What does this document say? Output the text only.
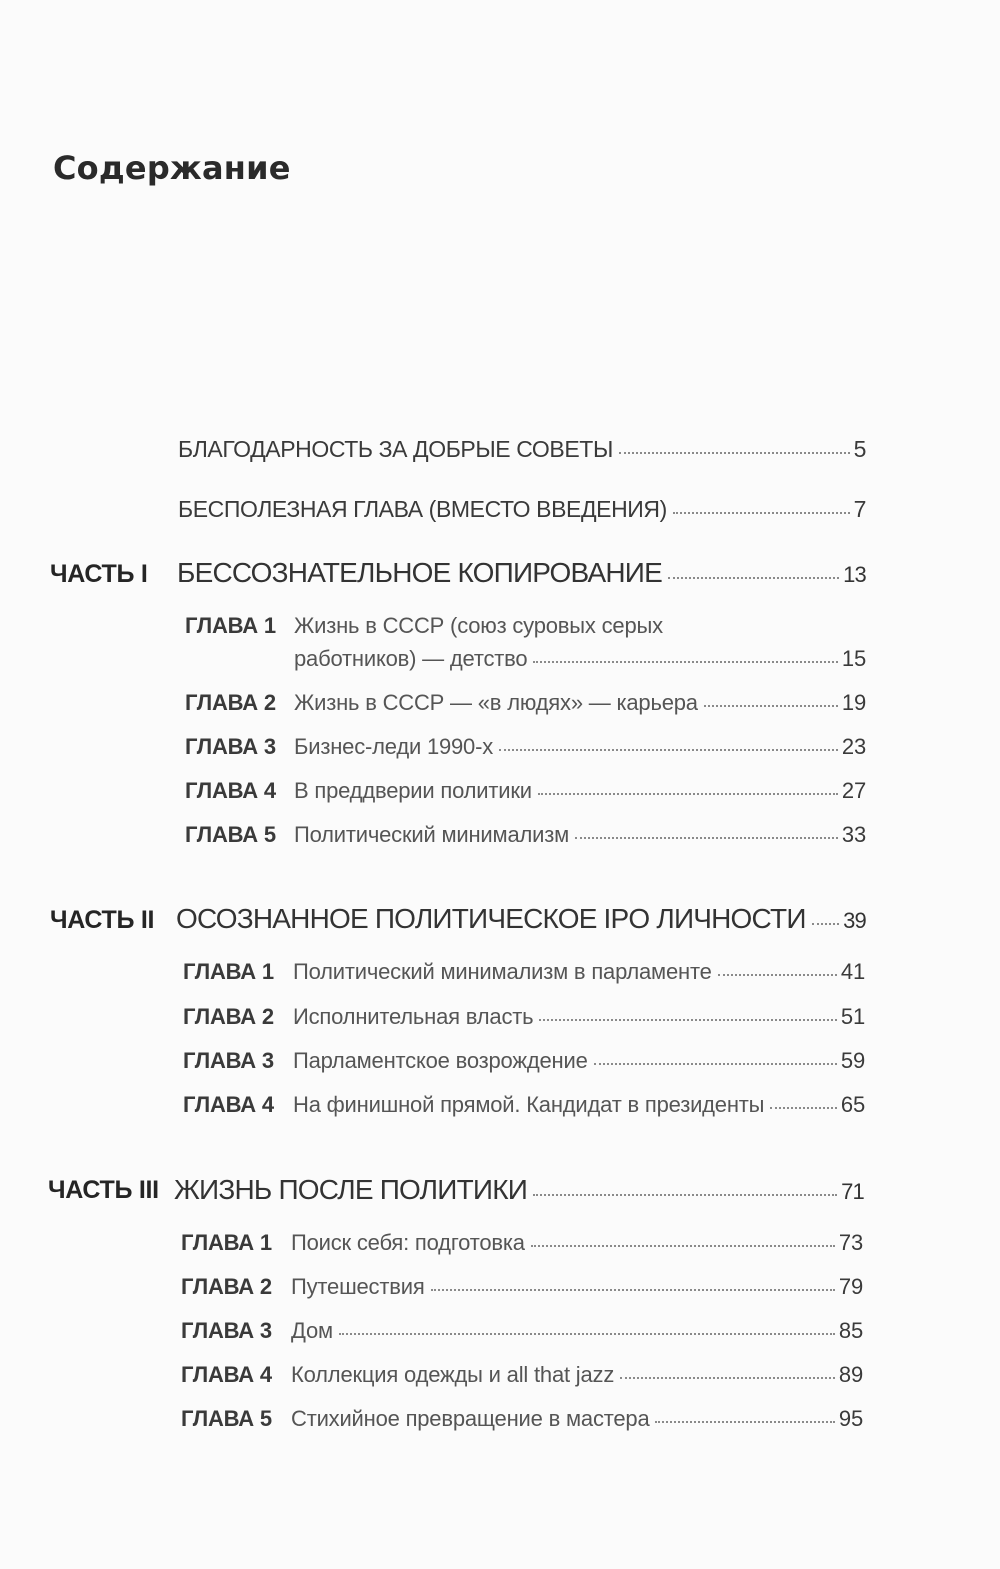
Содержание
БЛАГОДАРНОСТЬ ЗА ДОБРЫЕ СОВЕТЫ	5
БЕСПОЛЕЗНАЯ ГЛАВА (ВМЕСТО ВВЕДЕНИЯ)	7
ЧАСТЬ I БЕССОЗНАТЕЛЬНОЕ КОПИРОВАНИЕ	13
ГЛАВА 1 Жизнь в СССР (союз суровых серых
работников) — детство	15
ГЛАВА 2 Жизнь в СССР — «в людях» — карьера	19
ГЛАВА 3 Бизнес-леди 1990-х	23
ГЛАВА 4 В преддверии политики	27
ГЛАВА 5 Политический минимализм	33
ЧАСТЬ II ОСОЗНАННОЕ ПОЛИТИЧЕСКОЕ IPO ЛИЧНОСТИ 39
ГЛАВА 1 Политический минимализм в парламенте	41
ГЛАВА 2 Исполнительная власть	51
ГЛАВА 3 Парламентское возрождение	59
ГЛАВА 4 На финишной прямой. Кандидат в президенты	65
ЧАСТЬ III ЖИЗНЬ ПОСЛЕ ПОЛИТИКИ	71
ГЛАВА 1 Поиск себя: подготовка	73
ГЛАВА 2 Путешествия	79
ГЛАВА 3 Дом	85
ГЛАВА 4 Коллекция одежды и all that jazz	89
ГЛАВА 5 Стихийное превращение в мастера	95
